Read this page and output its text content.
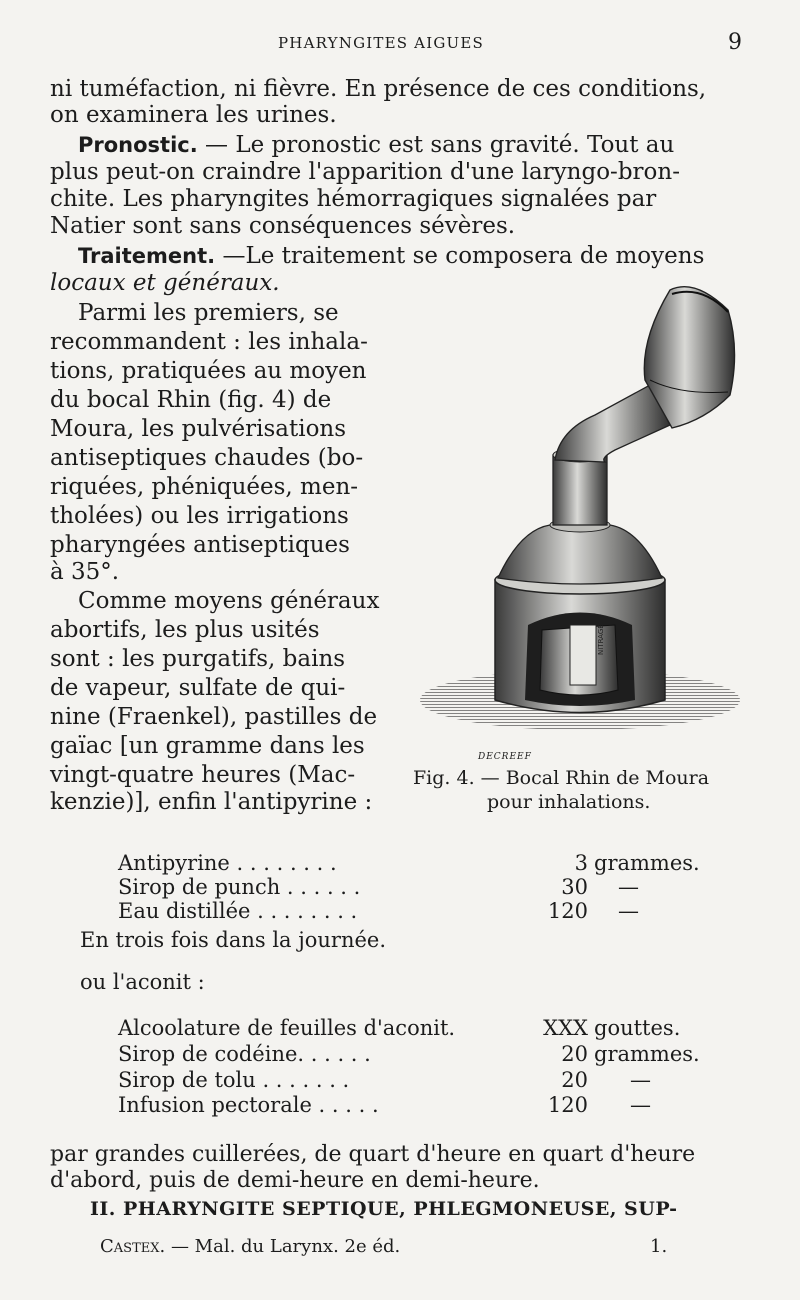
PHARYNGITES AIGUES	9
ni tuméfaction, ni fièvre. En présence de ces conditions,
on examinera les urines.
Pronostic. — Le pronostic est sans gravité. Tout au
plus peut-on craindre l'apparition d'une laryngo-bron-
chite. Les pharyngites hémorragiques signalées par
Natier sont sans conséquences sévères.
Traitement. —Le traitement se composera de moyens
locaux et généraux.
Parmi les premiers, se
recommandent : les inhala-
tions, pratiquées au moyen
du bocal Rhin (fig. 4) de
Moura, les pulvérisations
antiseptiques chaudes (bo-
riquées, phéniquées, men-
tholées) ou les irrigations
pharyngées antiseptiques
à 35°.
Comme moyens généraux
abortifs, les plus usités
sont : les purgatifs, bains
de vapeur, sulfate de qui-
nine (Fraenkel), pastilles de
gaïac [un gramme dans les
vingt-quatre heures (Mac-
kenzie)], enfin l'antipyrine :
NITRAGE
DECREEF
Fig. 4. — Bocal Rhin de Moura
pour inhalations.
Antipyrine . . . . . . . .	3 grammes.
Sirop de punch . . . . . .	30 —
Eau distillée . . . . . . . .	120 —
En trois fois dans la journée.
ou l'aconit :
Alcoolature de feuilles d'aconit.	XXX gouttes.
Sirop de codéine. . . . . .	20 grammes.
Sirop de tolu . . . . . . .	20 —
Infusion pectorale . . . . .	120 —
par grandes cuillerées, de quart d'heure en quart d'heure
d'abord, puis de demi-heure en demi-heure.
II. PHARYNGITE SEPTIQUE, PHLEGMONEUSE, SUP-
Castex. — Mal. du Larynx. 2e éd.	1.
